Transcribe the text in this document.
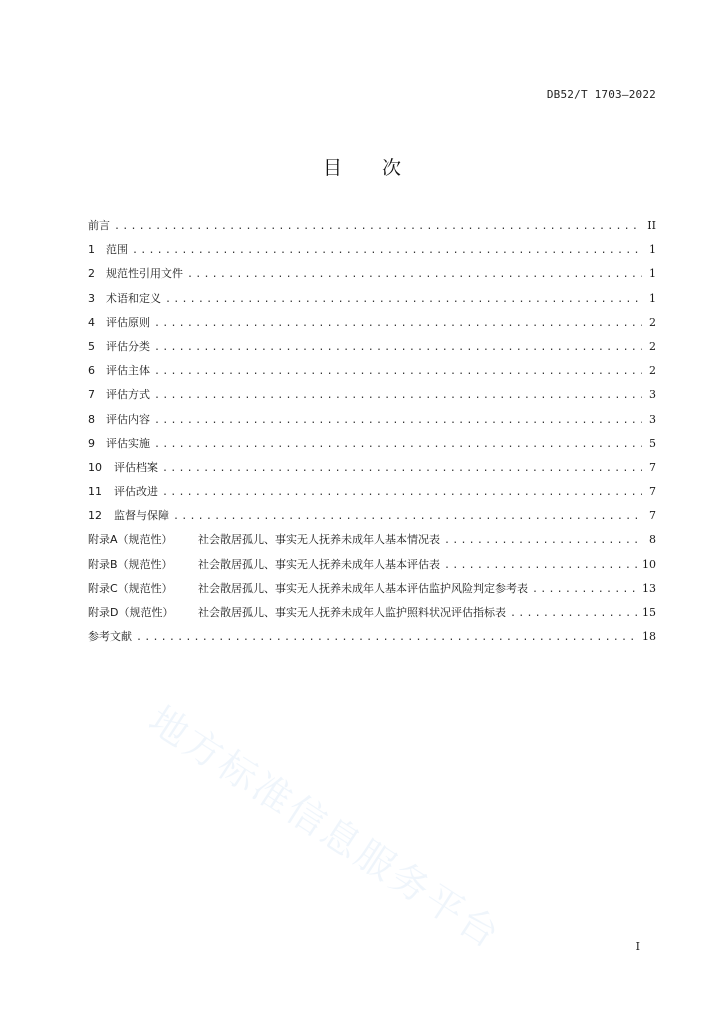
DB52/T 1703—2022
目 次
地方标准信息服务平台
前言 .....	II
1 范围 .....	1
2 规范性引用文件 .....	1
3 术语和定义 .....	1
4 评估原则 .....	2
5 评估分类 .....	2
6 评估主体 .....	2
7 评估方式 .....	3
8 评估内容 .....	3
9 评估实施 .....	5
10 评估档案 .....	7
11 评估改进 .....	7
12 监督与保障 .....	7
附录A（规范性） 社会散居孤儿、事实无人抚养未成年人基本情况表 .....	8
附录B（规范性） 社会散居孤儿、事实无人抚养未成年人基本评估表 .....	10
附录C（规范性） 社会散居孤儿、事实无人抚养未成年人基本评估监护风险判定参考表 .....	13
附录D（规范性） 社会散居孤儿、事实无人抚养未成年人监护照料状况评估指标表 .....	15
参考文献 .....	18
I
